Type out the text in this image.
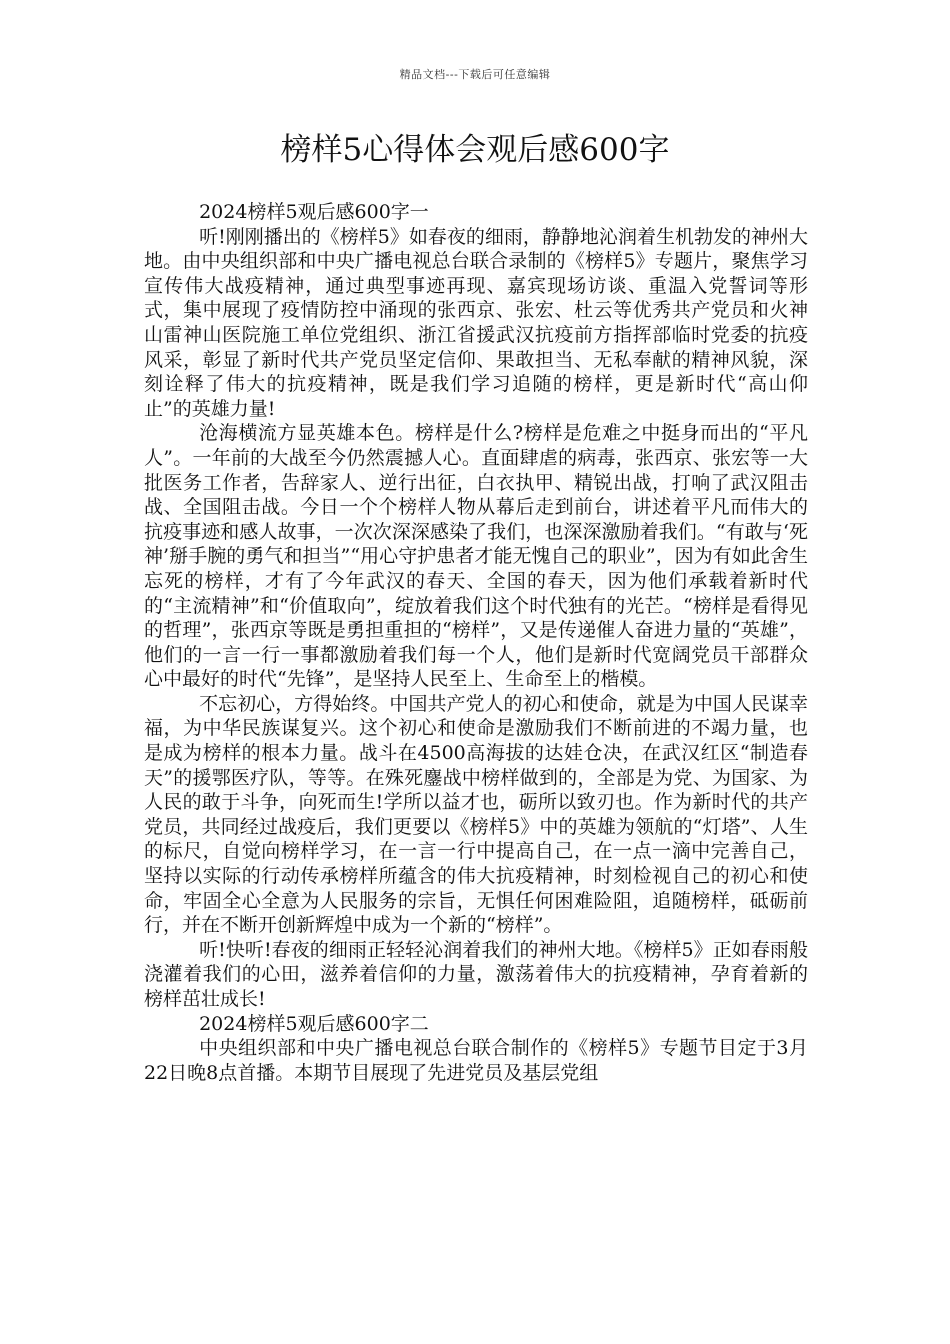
精品文档---下载后可任意编辑
榜样5心得体会观后感600字

2024榜样5观后感600字一

听!刚刚播出的《榜样5》如春夜的细雨，静静地沁润着生机勃发的神州大地。由中央组织部和中央广播电视总台联合录制的《榜样5》专题片，聚焦学习宣传伟大战疫精神，通过典型事迹再现、嘉宾现场访谈、重温入党誓词等形式，集中展现了疫情防控中涌现的张西京、张宏、杜云等优秀共产党员和火神山雷神山医院施工单位党组织、浙江省援武汉抗疫前方指挥部临时党委的抗疫风采，彰显了新时代共产党员坚定信仰、果敢担当、无私奉献的精神风貌，深刻诠释了伟大的抗疫精神，既是我们学习追随的榜样，更是新时代“高山仰止”的英雄力量!

沧海横流方显英雄本色。榜样是什么?榜样是危难之中挺身而出的“平凡人”。一年前的大战至今仍然震撼人心。直面肆虐的病毒，张西京、张宏等一大批医务工作者，告辞家人、逆行出征，白衣执甲、精锐出战，打响了武汉阻击战、全国阻击战。今日一个个榜样人物从幕后走到前台，讲述着平凡而伟大的抗疫事迹和感人故事，一次次深深感染了我们，也深深激励着我们。“有敢与‘死神’掰手腕的勇气和担当”“用心守护患者才能无愧自己的职业”，因为有如此舍生忘死的榜样，才有了今年武汉的春天、全国的春天，因为他们承载着新时代的“主流精神”和“价值取向”，绽放着我们这个时代独有的光芒。“榜样是看得见的哲理”，张西京等既是勇担重担的“榜样”，又是传递催人奋进力量的“英雄”，他们的一言一行一事都激励着我们每一个人，他们是新时代宽阔党员干部群众心中最好的时代“先锋”，是坚持人民至上、生命至上的楷模。

不忘初心，方得始终。中国共产党人的初心和使命，就是为中国人民谋幸福，为中华民族谋复兴。这个初心和使命是激励我们不断前进的不竭力量，也是成为榜样的根本力量。战斗在4500高海拔的达娃仓决，在武汉红区“制造春天”的援鄂医疗队，等等。在殊死鏖战中榜样做到的，全部是为党、为国家、为人民的敢于斗争，向死而生!学所以益才也，砺所以致刃也。作为新时代的共产党员，共同经过战疫后，我们更要以《榜样5》中的英雄为领航的“灯塔”、人生的标尺，自觉向榜样学习，在一言一行中提高自己，在一点一滴中完善自己，坚持以实际的行动传承榜样所蕴含的伟大抗疫精神，时刻检视自己的初心和使命，牢固全心全意为人民服务的宗旨，无惧任何困难险阻，追随榜样，砥砺前行，并在不断开创新辉煌中成为一个新的“榜样”。

听!快听!春夜的细雨正轻轻沁润着我们的神州大地。《榜样5》正如春雨般浇灌着我们的心田，滋养着信仰的力量，激荡着伟大的抗疫精神，孕育着新的榜样茁壮成长!

2024榜样5观后感600字二

中央组织部和中央广播电视总台联合制作的《榜样5》专题节目定于3月22日晚8点首播。本期节目展现了先进党员及基层党组
